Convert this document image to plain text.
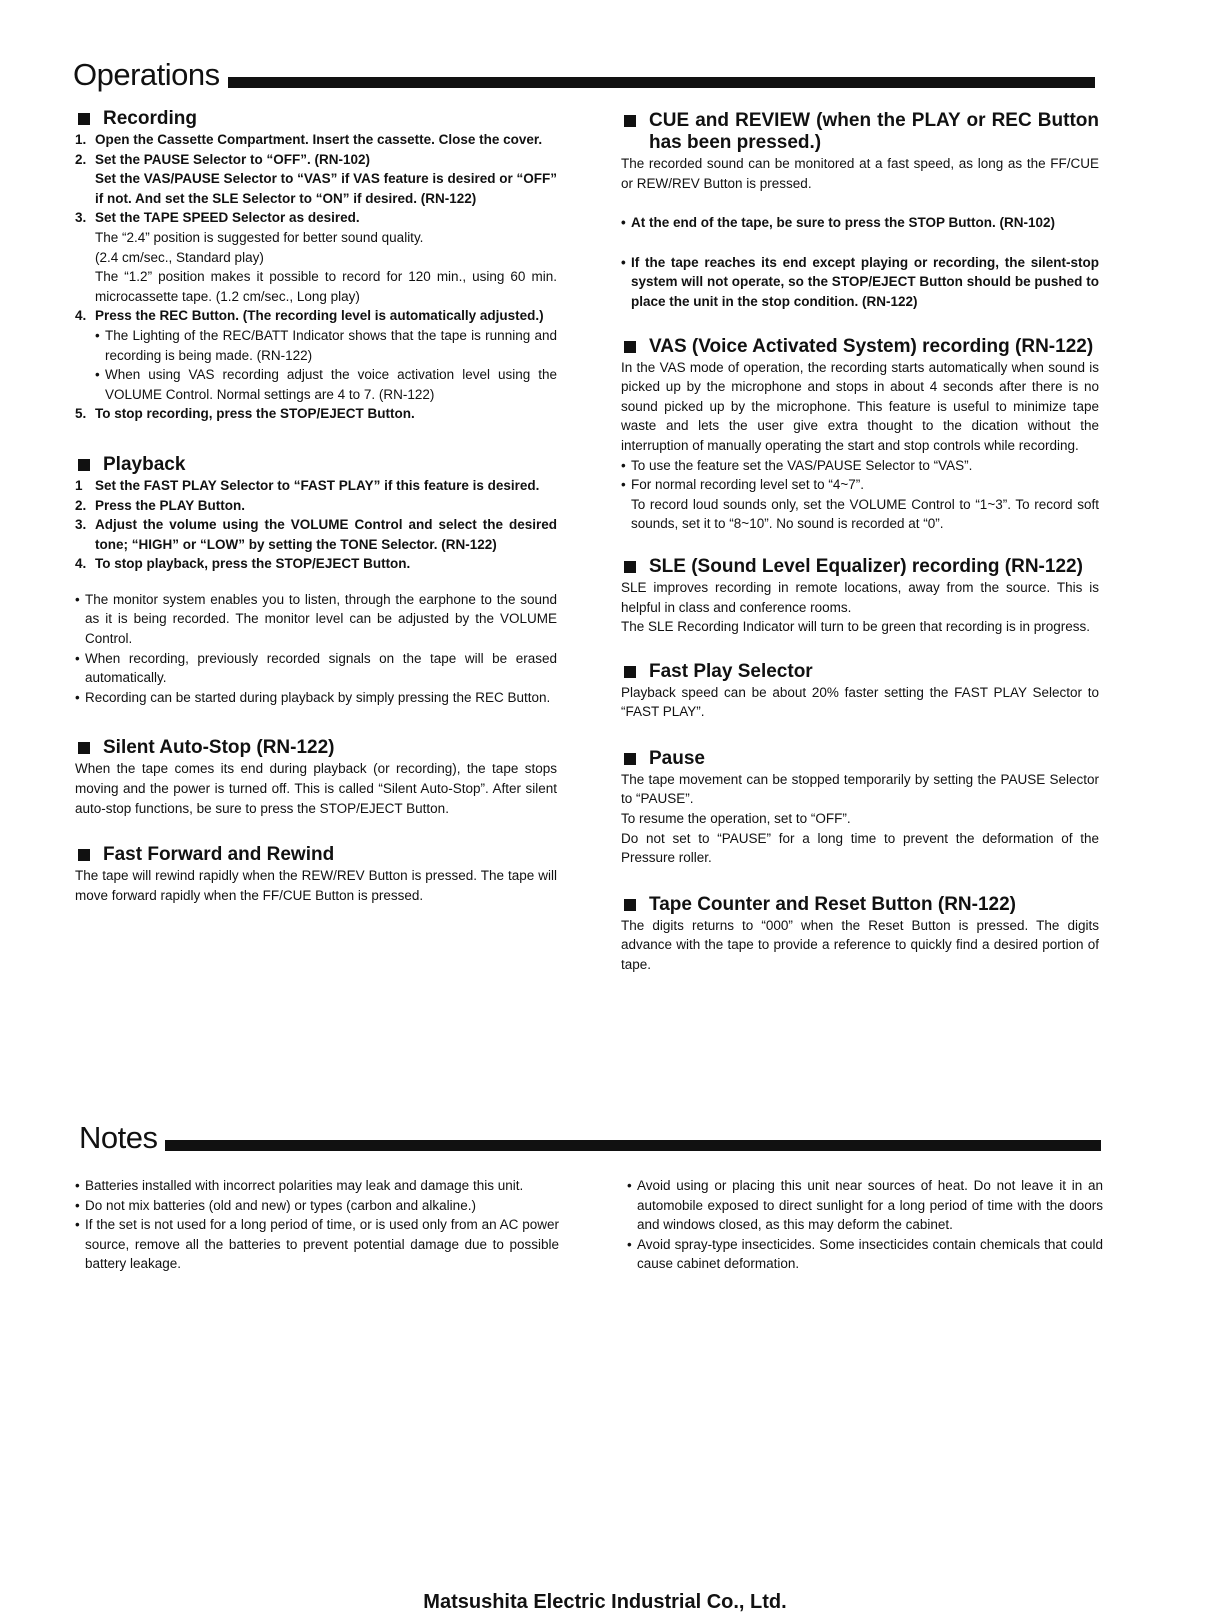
Operations
Recording
1. Open the Cassette Compartment. Insert the cassette. Close the cover.
2. Set the PAUSE Selector to “OFF”. (RN-102)
Set the VAS/PAUSE Selector to “VAS” if VAS feature is desired or “OFF” if not. And set the SLE Selector to “ON” if desired. (RN-122)
3. Set the TAPE SPEED Selector as desired.
The “2.4” position is suggested for better sound quality.
(2.4 cm/sec., Standard play)
The “1.2” position makes it possible to record for 120 min., using 60 min. microcassette tape. (1.2 cm/sec., Long play)
4. Press the REC Button. (The recording level is automatically adjusted.)
• The Lighting of the REC/BATT Indicator shows that the tape is running and recording is being made. (RN-122)
• When using VAS recording adjust the voice activation level using the VOLUME Control. Normal settings are 4 to 7. (RN-122)
5. To stop recording, press the STOP/EJECT Button.
Playback
1 Set the FAST PLAY Selector to “FAST PLAY” if this feature is desired.
2. Press the PLAY Button.
3. Adjust the volume using the VOLUME Control and select the desired tone; “HIGH” or “LOW” by setting the TONE Selector. (RN-122)
4. To stop playback, press the STOP/EJECT Button.
• The monitor system enables you to listen, through the earphone to the sound as it is being recorded. The monitor level can be adjusted by the VOLUME Control.
• When recording, previously recorded signals on the tape will be erased automatically.
• Recording can be started during playback by simply pressing the REC Button.
Silent Auto-Stop (RN-122)

When the tape comes its end during playback (or recording), the tape stops moving and the power is turned off. This is called “Silent Auto-Stop”. After silent auto-stop functions, be sure to press the STOP/EJECT Button.

Fast Forward and Rewind

The tape will rewind rapidly when the REW/REV Button is pressed. The tape will move forward rapidly when the FF/CUE Button is pressed.

CUE and REVIEW (when the PLAY or REC Button has been pressed.)

The recorded sound can be monitored at a fast speed, as long as the FF/CUE or REW/REV Button is pressed.

• At the end of the tape, be sure to press the STOP Button. (RN-102)
• If the tape reaches its end except playing or recording, the silent-stop system will not operate, so the STOP/EJECT Button should be pushed to place the unit in the stop condition. (RN-122)
VAS (Voice Activated System) recording (RN-122)

In the VAS mode of operation, the recording starts automatically when sound is picked up by the microphone and stops in about 4 seconds after there is no sound picked up by the microphone. This feature is useful to minimize tape waste and lets the user give extra thought to the dication without the interruption of manually operating the start and stop controls while recording.

• To use the feature set the VAS/PAUSE Selector to “VAS”.
• For normal recording level set to “4~7”.

To record loud sounds only, set the VOLUME Control to “1~3”. To record soft sounds, set it to “8~10”. No sound is recorded at “0”.

SLE (Sound Level Equalizer) recording (RN-122)

SLE improves recording in remote locations, away from the source. This is helpful in class and conference rooms.

The SLE Recording Indicator will turn to be green that recording is in progress.

Fast Play Selector

Playback speed can be about 20% faster setting the FAST PLAY Selector to “FAST PLAY”.

Pause

The tape movement can be stopped temporarily by setting the PAUSE Selector to “PAUSE”.

To resume the operation, set to “OFF”.

Do not set to “PAUSE” for a long time to prevent the deformation of the Pressure roller.

Tape Counter and Reset Button (RN-122)

The digits returns to “000” when the Reset Button is pressed. The digits advance with the tape to provide a reference to quickly find a desired portion of tape.

Notes
• Batteries installed with incorrect polarities may leak and damage this unit.
• Do not mix batteries (old and new) or types (carbon and alkaline.)
• If the set is not used for a long period of time, or is used only from an AC power source, remove all the batteries to prevent potential damage due to possible battery leakage.
• Avoid using or placing this unit near sources of heat. Do not leave it in an automobile exposed to direct sunlight for a long period of time with the doors and windows closed, as this may deform the cabinet.
• Avoid spray-type insecticides. Some insecticides contain chemicals that could cause cabinet deformation.
Matsushita Electric Industrial Co., Ltd.
